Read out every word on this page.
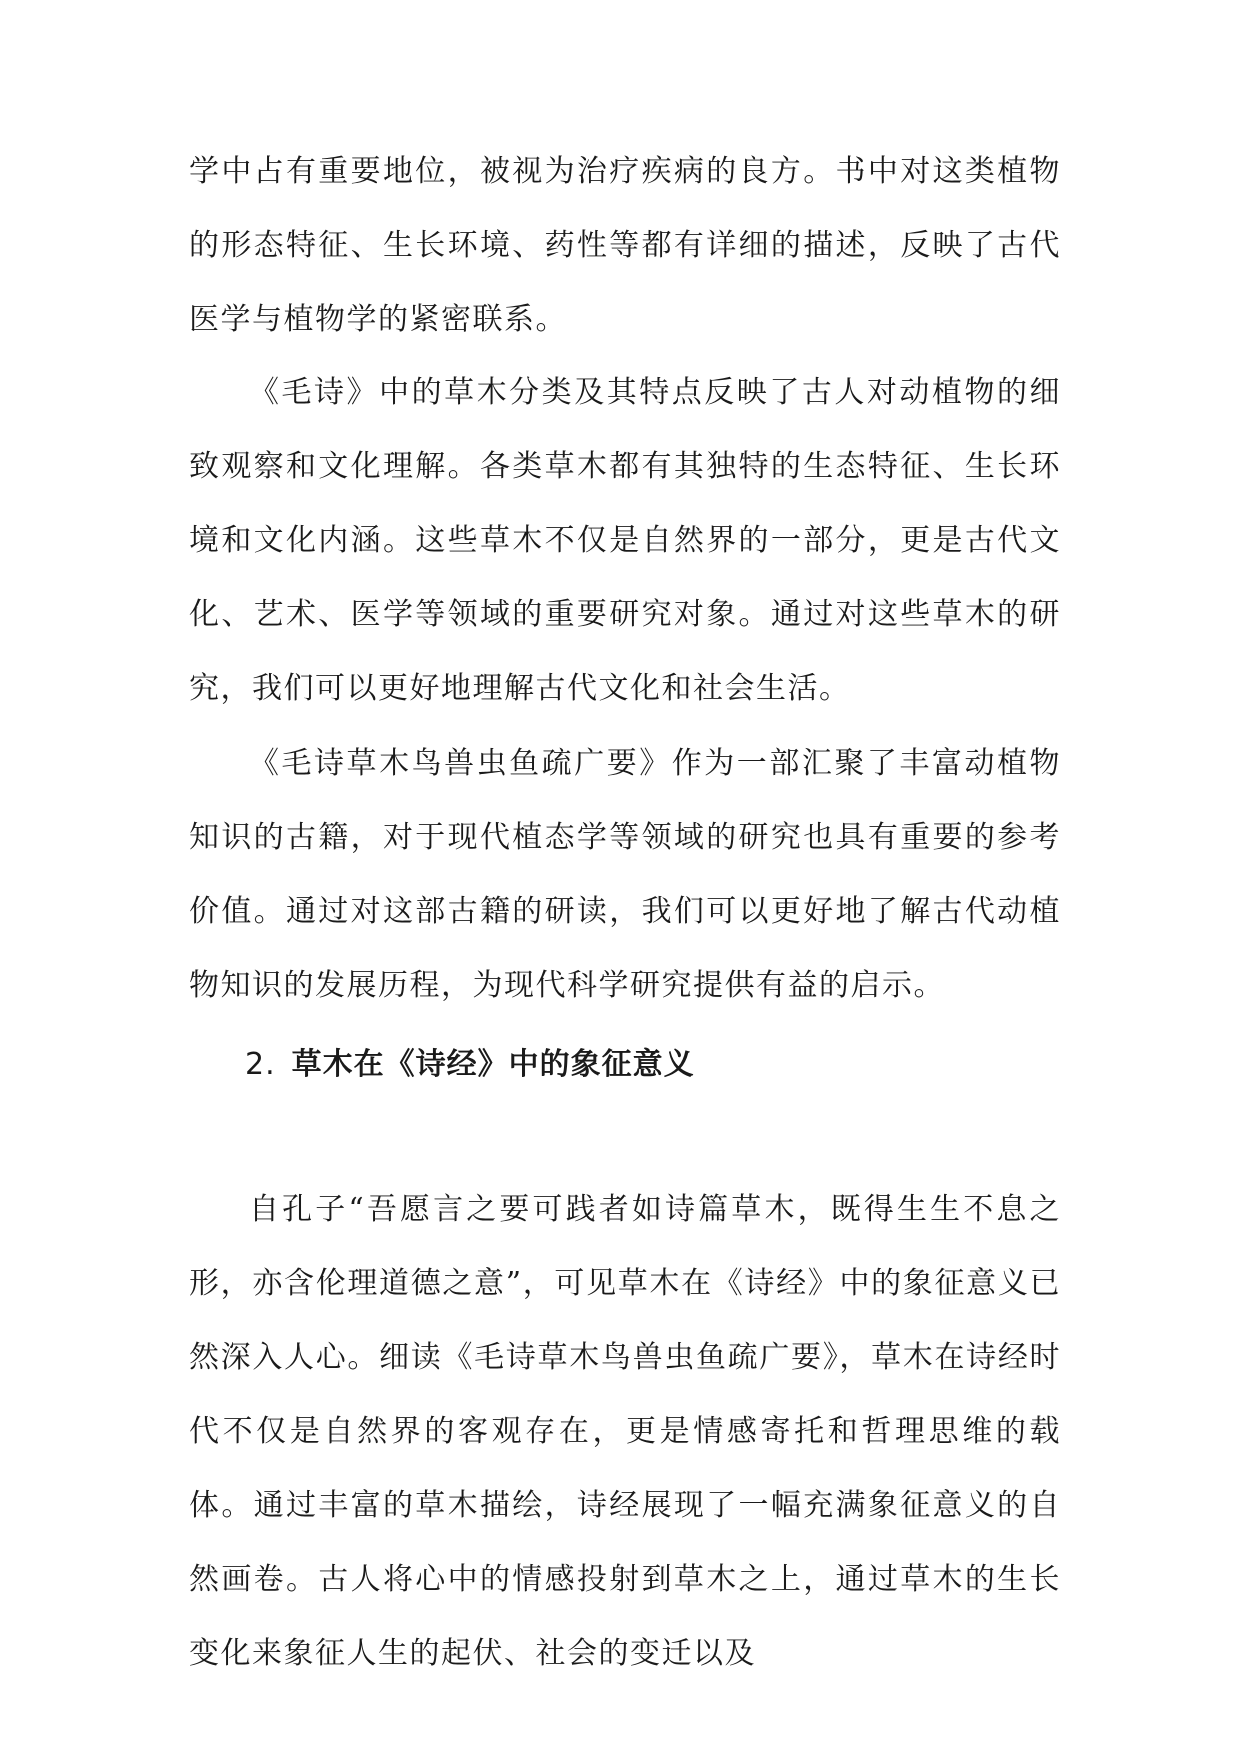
学中占有重要地位，被视为治疗疾病的良方。书中对这类植物的形态特征、生长环境、药性等都有详细的描述，反映了古代医学与植物学的紧密联系。

《毛诗》中的草木分类及其特点反映了古人对动植物的细致观察和文化理解。各类草木都有其独特的生态特征、生长环境和文化内涵。这些草木不仅是自然界的一部分，更是古代文化、艺术、医学等领域的重要研究对象。通过对这些草木的研究，我们可以更好地理解古代文化和社会生活。

《毛诗草木鸟兽虫鱼疏广要》作为一部汇聚了丰富动植物知识的古籍，对于现代植态学等领域的研究也具有重要的参考价值。通过对这部古籍的研读，我们可以更好地了解古代动植物知识的发展历程，为现代科学研究提供有益的启示。

2. 草木在《诗经》中的象征意义

自孔子“吾愿言之要可践者如诗篇草木，既得生生不息之形，亦含伦理道德之意”，可见草木在《诗经》中的象征意义已然深入人心。细读《毛诗草木鸟兽虫鱼疏广要》，草木在诗经时代不仅是自然界的客观存在，更是情感寄托和哲理思维的载体。通过丰富的草木描绘，诗经展现了一幅充满象征意义的自然画卷。古人将心中的情感投射到草木之上，通过草木的生长变化来象征人生的起伏、社会的变迁以及
